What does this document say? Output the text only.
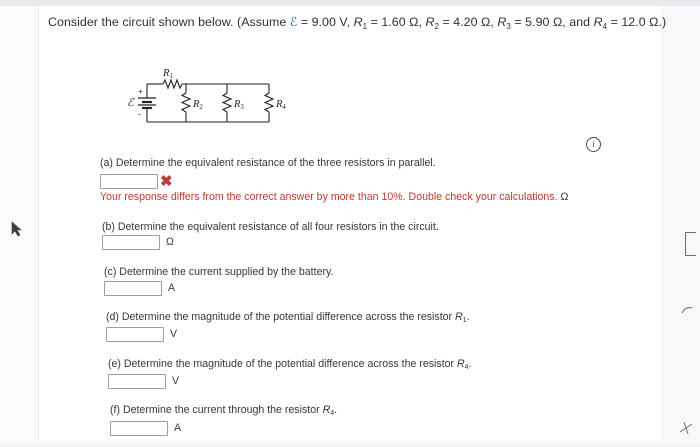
Consider the circuit shown below. (Assume ℰ = 9.00 V, $R_1 = 1.60$ Ω, $R_2 = 4.20$ Ω, $R_3 = 5.90$ Ω, and $R_4 = 12.0$ Ω.)
+
-
ℰ
R1
R2	R3	R4
i
(a) Determine the equivalent resistance of the three resistors in parallel.
✖
Your response differs from the correct answer by more than 10%. Double check your calculations. Ω
(b) Determine the equivalent resistance of all four resistors in the circuit.
Ω
(c) Determine the current supplied by the battery.
A
(d) Determine the magnitude of the potential difference across the resistor $R_1$.
V
(e) Determine the magnitude of the potential difference across the resistor $R_4$.
V
(f) Determine the current through the resistor $R_4$.
A
